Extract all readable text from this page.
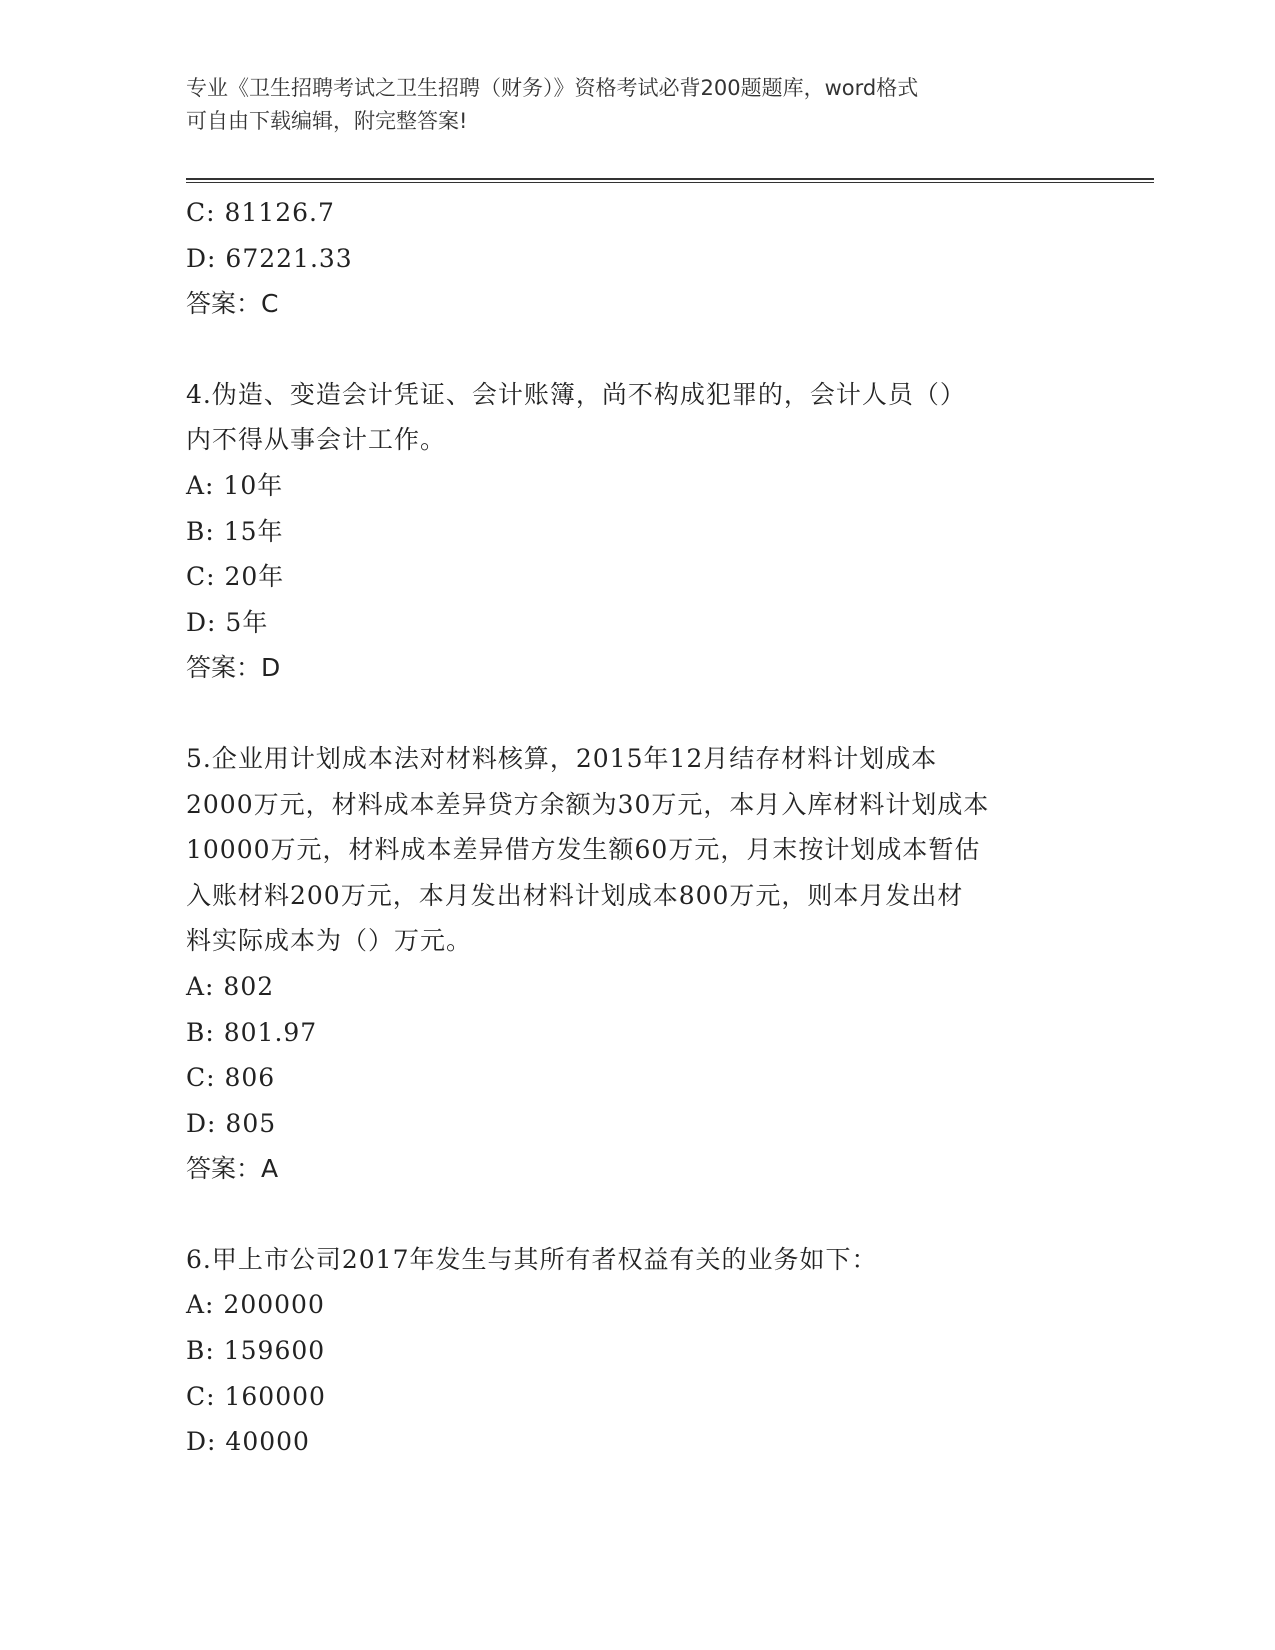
专业《卫生招聘考试之卫生招聘（财务）》资格考试必背200题题库，word格式
可自由下载编辑，附完整答案!
C: 81126.7
D: 67221.33
答案：C
4.伪造、变造会计凭证、会计账簿，尚不构成犯罪的，会计人员（）
内不得从事会计工作。
A: 10年
B: 15年
C: 20年
D: 5年
答案：D
5.企业用计划成本法对材料核算，2015年12月结存材料计划成本
2000万元，材料成本差异贷方余额为30万元，本月入库材料计划成本
10000万元，材料成本差异借方发生额60万元，月末按计划成本暂估
入账材料200万元，本月发出材料计划成本800万元，则本月发出材
料实际成本为（）万元。
A: 802
B: 801.97
C: 806
D: 805
答案：A
6.甲上市公司2017年发生与其所有者权益有关的业务如下：
A: 200000
B: 159600
C: 160000
D: 40000
